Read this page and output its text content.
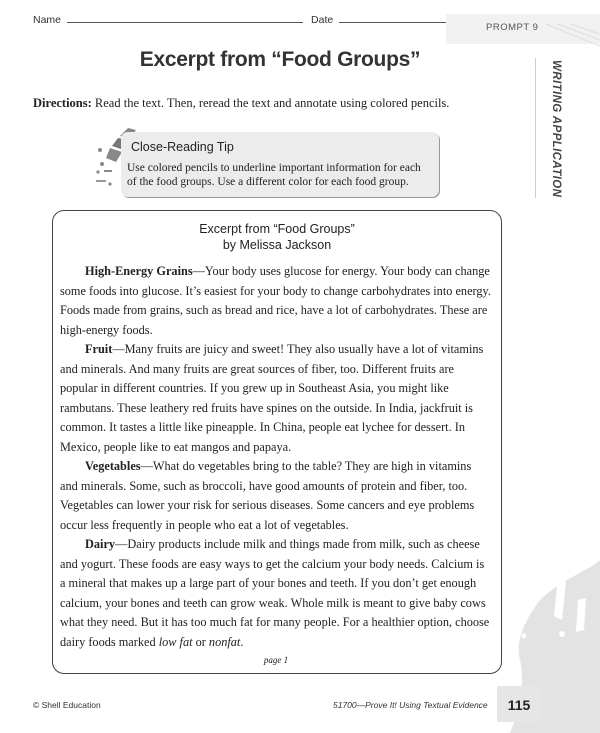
Name	Date
PROMPT 9
Excerpt from “Food Groups”
WRITING APPLICATION
Directions: Read the text. Then, reread the text and annotate using colored pencils.
Close-Reading Tip
Use colored pencils to underline important information for each of the food groups. Use a different color for each food group.
Excerpt from “Food Groups”
by Melissa Jackson

High-Energy Grains—Your body uses glucose for energy. Your body can change some foods into glucose. It’s easiest for your body to change carbohydrates into energy. Foods made from grains, such as bread and rice, have a lot of carbohydrates. These are high-energy foods.

Fruit—Many fruits are juicy and sweet! They also usually have a lot of vitamins and minerals. And many fruits are great sources of fiber, too. Different fruits are popular in different countries. If you grew up in Southeast Asia, you might like rambutans. These leathery red fruits have spines on the outside. In India, jackfruit is common. It tastes a little like pineapple. In China, people eat lychee for dessert. In Mexico, people like to eat mangos and papaya.

Vegetables—What do vegetables bring to the table? They are high in vitamins and minerals. Some, such as broccoli, have good amounts of protein and fiber, too. Vegetables can lower your risk for serious diseases. Some cancers and eye problems occur less frequently in people who eat a lot of vegetables.

Dairy—Dairy products include milk and things made from milk, such as cheese and yogurt. These foods are easy ways to get the calcium your body needs. Calcium is a mineral that makes up a large part of your bones and teeth. If you don’t get enough calcium, your bones and teeth can grow weak. Whole milk is meant to give baby cows what they need. But it has too much fat for many people. For a healthier option, choose dairy foods marked low fat or nonfat.

page 1
© Shell Education	51700—Prove It! Using Textual Evidence	115
